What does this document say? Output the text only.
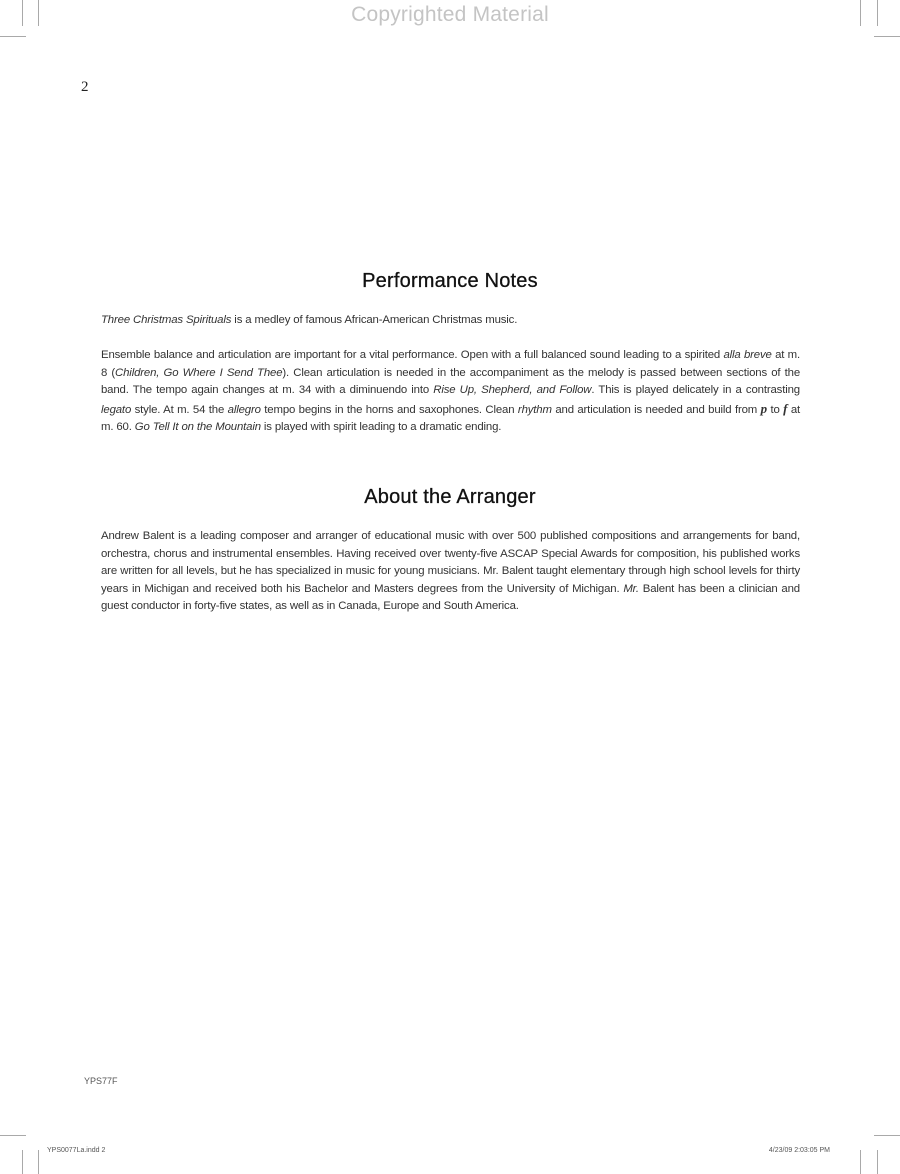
Copyrighted Material
2
Performance Notes

Three Christmas Spirituals is a medley of famous African-American Christmas music.

Ensemble balance and articulation are important for a vital performance. Open with a full balanced sound leading to a spirited alla breve at m. 8 (Children, Go Where I Send Thee). Clean articulation is needed in the accompaniment as the melody is passed between sections of the band. The tempo again changes at m. 34 with a diminuendo into Rise Up, Shepherd, and Follow. This is played delicately in a contrasting legato style. At m. 54 the allegro tempo begins in the horns and saxophones. Clean rhythm and articulation is needed and build from p to f at m. 60. Go Tell It on the Mountain is played with spirit leading to a dramatic ending.

About the Arranger

Andrew Balent is a leading composer and arranger of educational music with over 500 published compositions and arrangements for band, orchestra, chorus and instrumental ensembles. Having received over twenty-five ASCAP Special Awards for composition, his published works are written for all levels, but he has specialized in music for young musicians. Mr. Balent taught elementary through high school levels for thirty years in Michigan and received both his Bachelor and Masters degrees from the University of Michigan. Mr. Balent has been a clinician and guest conductor in forty-five states, as well as in Canada, Europe and South America.

YPS77F
YPS0077La.indd 2	4/23/09 2:03:05 PM
